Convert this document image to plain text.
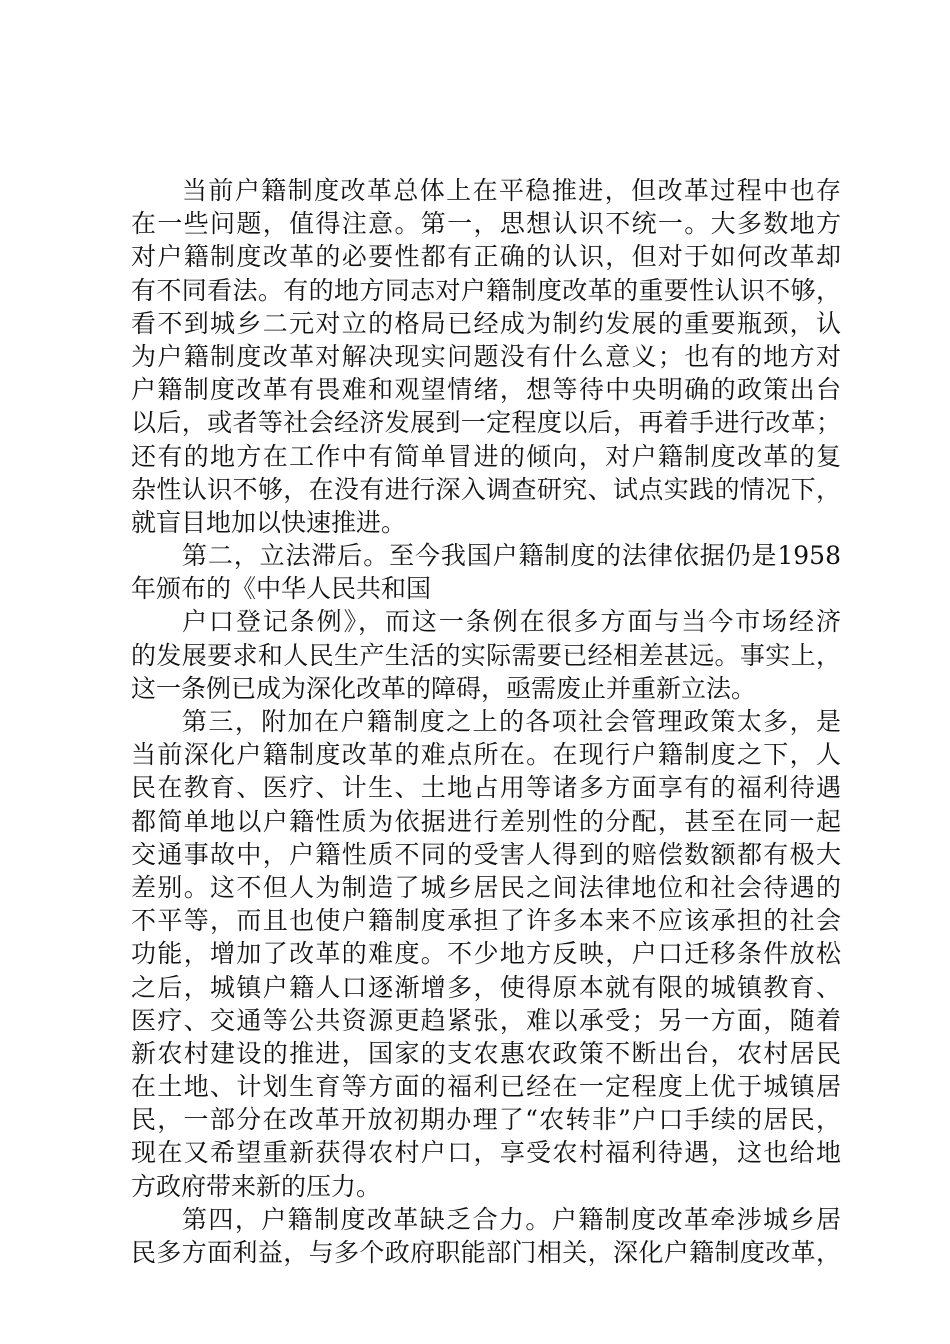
当前户籍制度改革总体上在平稳推进，但改革过程中也存
在一些问题，值得注意。第一，思想认识不统一。大多数地方
对户籍制度改革的必要性都有正确的认识，但对于如何改革却
有不同看法。有的地方同志对户籍制度改革的重要性认识不够，
看不到城乡二元对立的格局已经成为制约发展的重要瓶颈，认
为户籍制度改革对解决现实问题没有什么意义；也有的地方对
户籍制度改革有畏难和观望情绪，想等待中央明确的政策出台
以后，或者等社会经济发展到一定程度以后，再着手进行改革；
还有的地方在工作中有简单冒进的倾向，对户籍制度改革的复
杂性认识不够，在没有进行深入调查研究、试点实践的情况下，
就盲目地加以快速推进。
第二，立法滞后。至今我国户籍制度的法律依据仍是1958
年颁布的《中华人民共和国
户口登记条例》，而这一条例在很多方面与当今市场经济
的发展要求和人民生产生活的实际需要已经相差甚远。事实上，
这一条例已成为深化改革的障碍，亟需废止并重新立法。
第三，附加在户籍制度之上的各项社会管理政策太多，是
当前深化户籍制度改革的难点所在。在现行户籍制度之下，人
民在教育、医疗、计生、土地占用等诸多方面享有的福利待遇
都简单地以户籍性质为依据进行差别性的分配，甚至在同一起
交通事故中，户籍性质不同的受害人得到的赔偿数额都有极大
差别。这不但人为制造了城乡居民之间法律地位和社会待遇的
不平等，而且也使户籍制度承担了许多本来不应该承担的社会
功能，增加了改革的难度。不少地方反映，户口迁移条件放松
之后，城镇户籍人口逐渐增多，使得原本就有限的城镇教育、
医疗、交通等公共资源更趋紧张，难以承受；另一方面，随着
新农村建设的推进，国家的支农惠农政策不断出台，农村居民
在土地、计划生育等方面的福利已经在一定程度上优于城镇居
民，一部分在改革开放初期办理了“农转非”户口手续的居民，
现在又希望重新获得农村户口，享受农村福利待遇，这也给地
方政府带来新的压力。
第四，户籍制度改革缺乏合力。户籍制度改革牵涉城乡居
民多方面利益，与多个政府职能部门相关，深化户籍制度改革，
